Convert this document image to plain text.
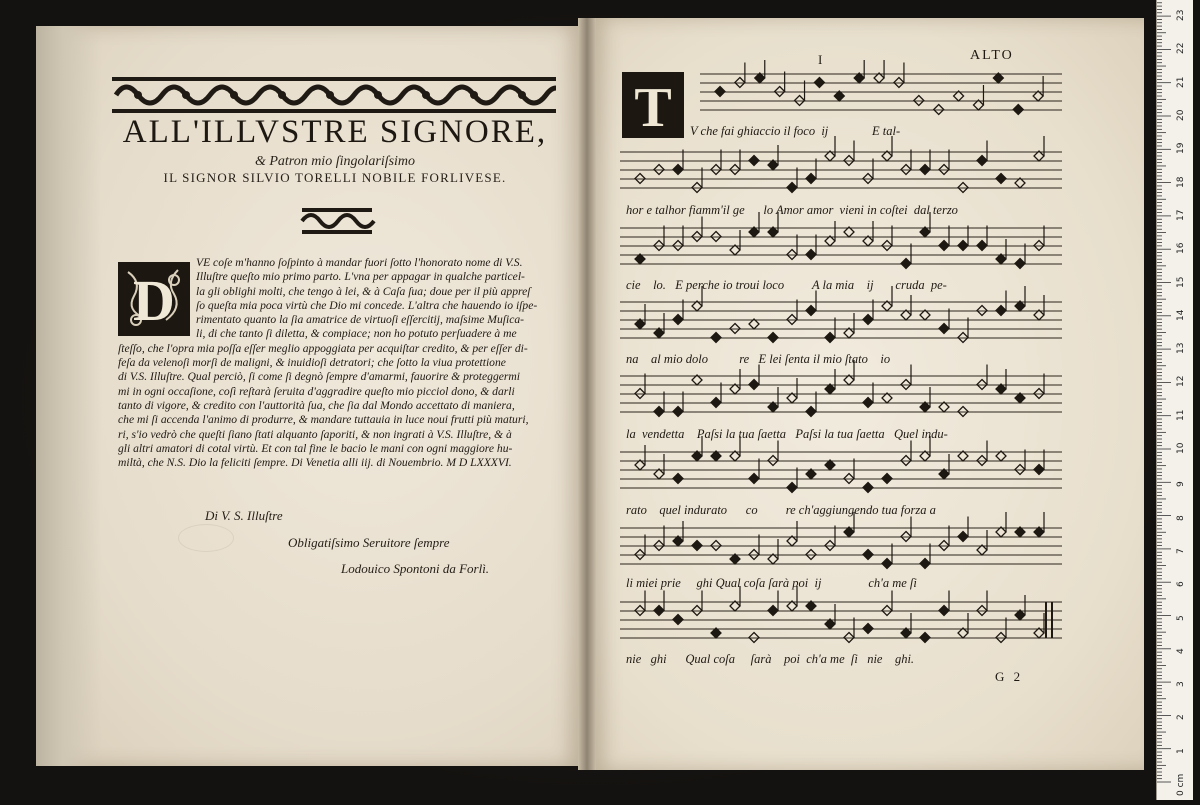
ALL'ILLVSTRE SIGNORE,
& Patron mio ſingolariſsimo
IL SIGNOR SILVIO TORELLI NOBILE FORLIVESE.
D
VE coſe m'hanno ſoſpinto à mandar fuori ſotto l'honorato nome di V.S.
Illuſtre queſto mio primo parto. L'vna per appagar in qualche particel-
la gli oblighi molti, che tengo à lei, & à Caſa ſua; doue per il più appreſ
ſo queſta mia poca virtù che Dio mi concede. L'altra che hauendo io iſpe-
rimentato quanto la ſia amatrice de virtuoſi eſſercitij, maſsime Muſica-
li, di che tanto ſi diletta, & compiace; non ho potuto perſuadere à me
ſteſſo, che l'opra mia poſſa eſſer meglio appoggiata per acquiſtar credito, & per eſſer di-
feſa da velenoſi morſi de maligni, & inuidioſi detratori; che ſotto la viua protettione
di V.S. Illuſtre. Qual perciò, ſi come ſi degnò ſempre d'amarmi, fauorire & proteggermi
mi in ogni occaſione, coſì reſtarà ſeruita d'aggradire queſto mio picciol dono, & darli
tanto di vigore, & credito con l'auttorità ſua, che ſia dal Mondo accettato di maniera,
che mi ſi accenda l'animo di produrre, & mandare tuttauia in luce noui frutti più maturi,
ri, s'io vedrò che queſti ſiano ſtati alquanto ſaporiti, & non ingrati à V.S. Illuſtre, & à
gli altri amatori di cotal virtù. Et con tal fine le bacio le mani con ogni maggiore hu-
miltà, che N.S. Dio la feliciti ſempre. Di Venetia alli iij. di Nouembrio. M D LXXXVI.
Di V. S. Illuſtre
Obligatiſsimo Seruitore ſempre
Lodouico Spontoni da Forlì.
I	ALTO
T V che fai ghiaccio il foco  ij              E tal-
hor e talhor fiamm'il ge      lo Amor amor  vieni in coſtei  dal terzo
cie    lo.   E perche io troui loco         A la mia    ij       cruda  pe-
na    al mio dolo          re   E lei ſenta il mio ſtato    io
la  vendetta    Paſsi la tua ſaetta   Paſsi la tua ſaetta   Quel indu-
rato    quel indurato      co         re ch'aggiungendo tua forza a
li miei prie     ghi Qual coſa ſarà poi  ij               ch'a me ſi
nie   ghi      Qual coſa     ſarà    poi  ch'a me  ſi   nie    ghi.
G 2
0 cm
1
2
3
4
5
6
7
8
9
10
11
12
13
14
15
16
17
18
19
20
21
22
23
